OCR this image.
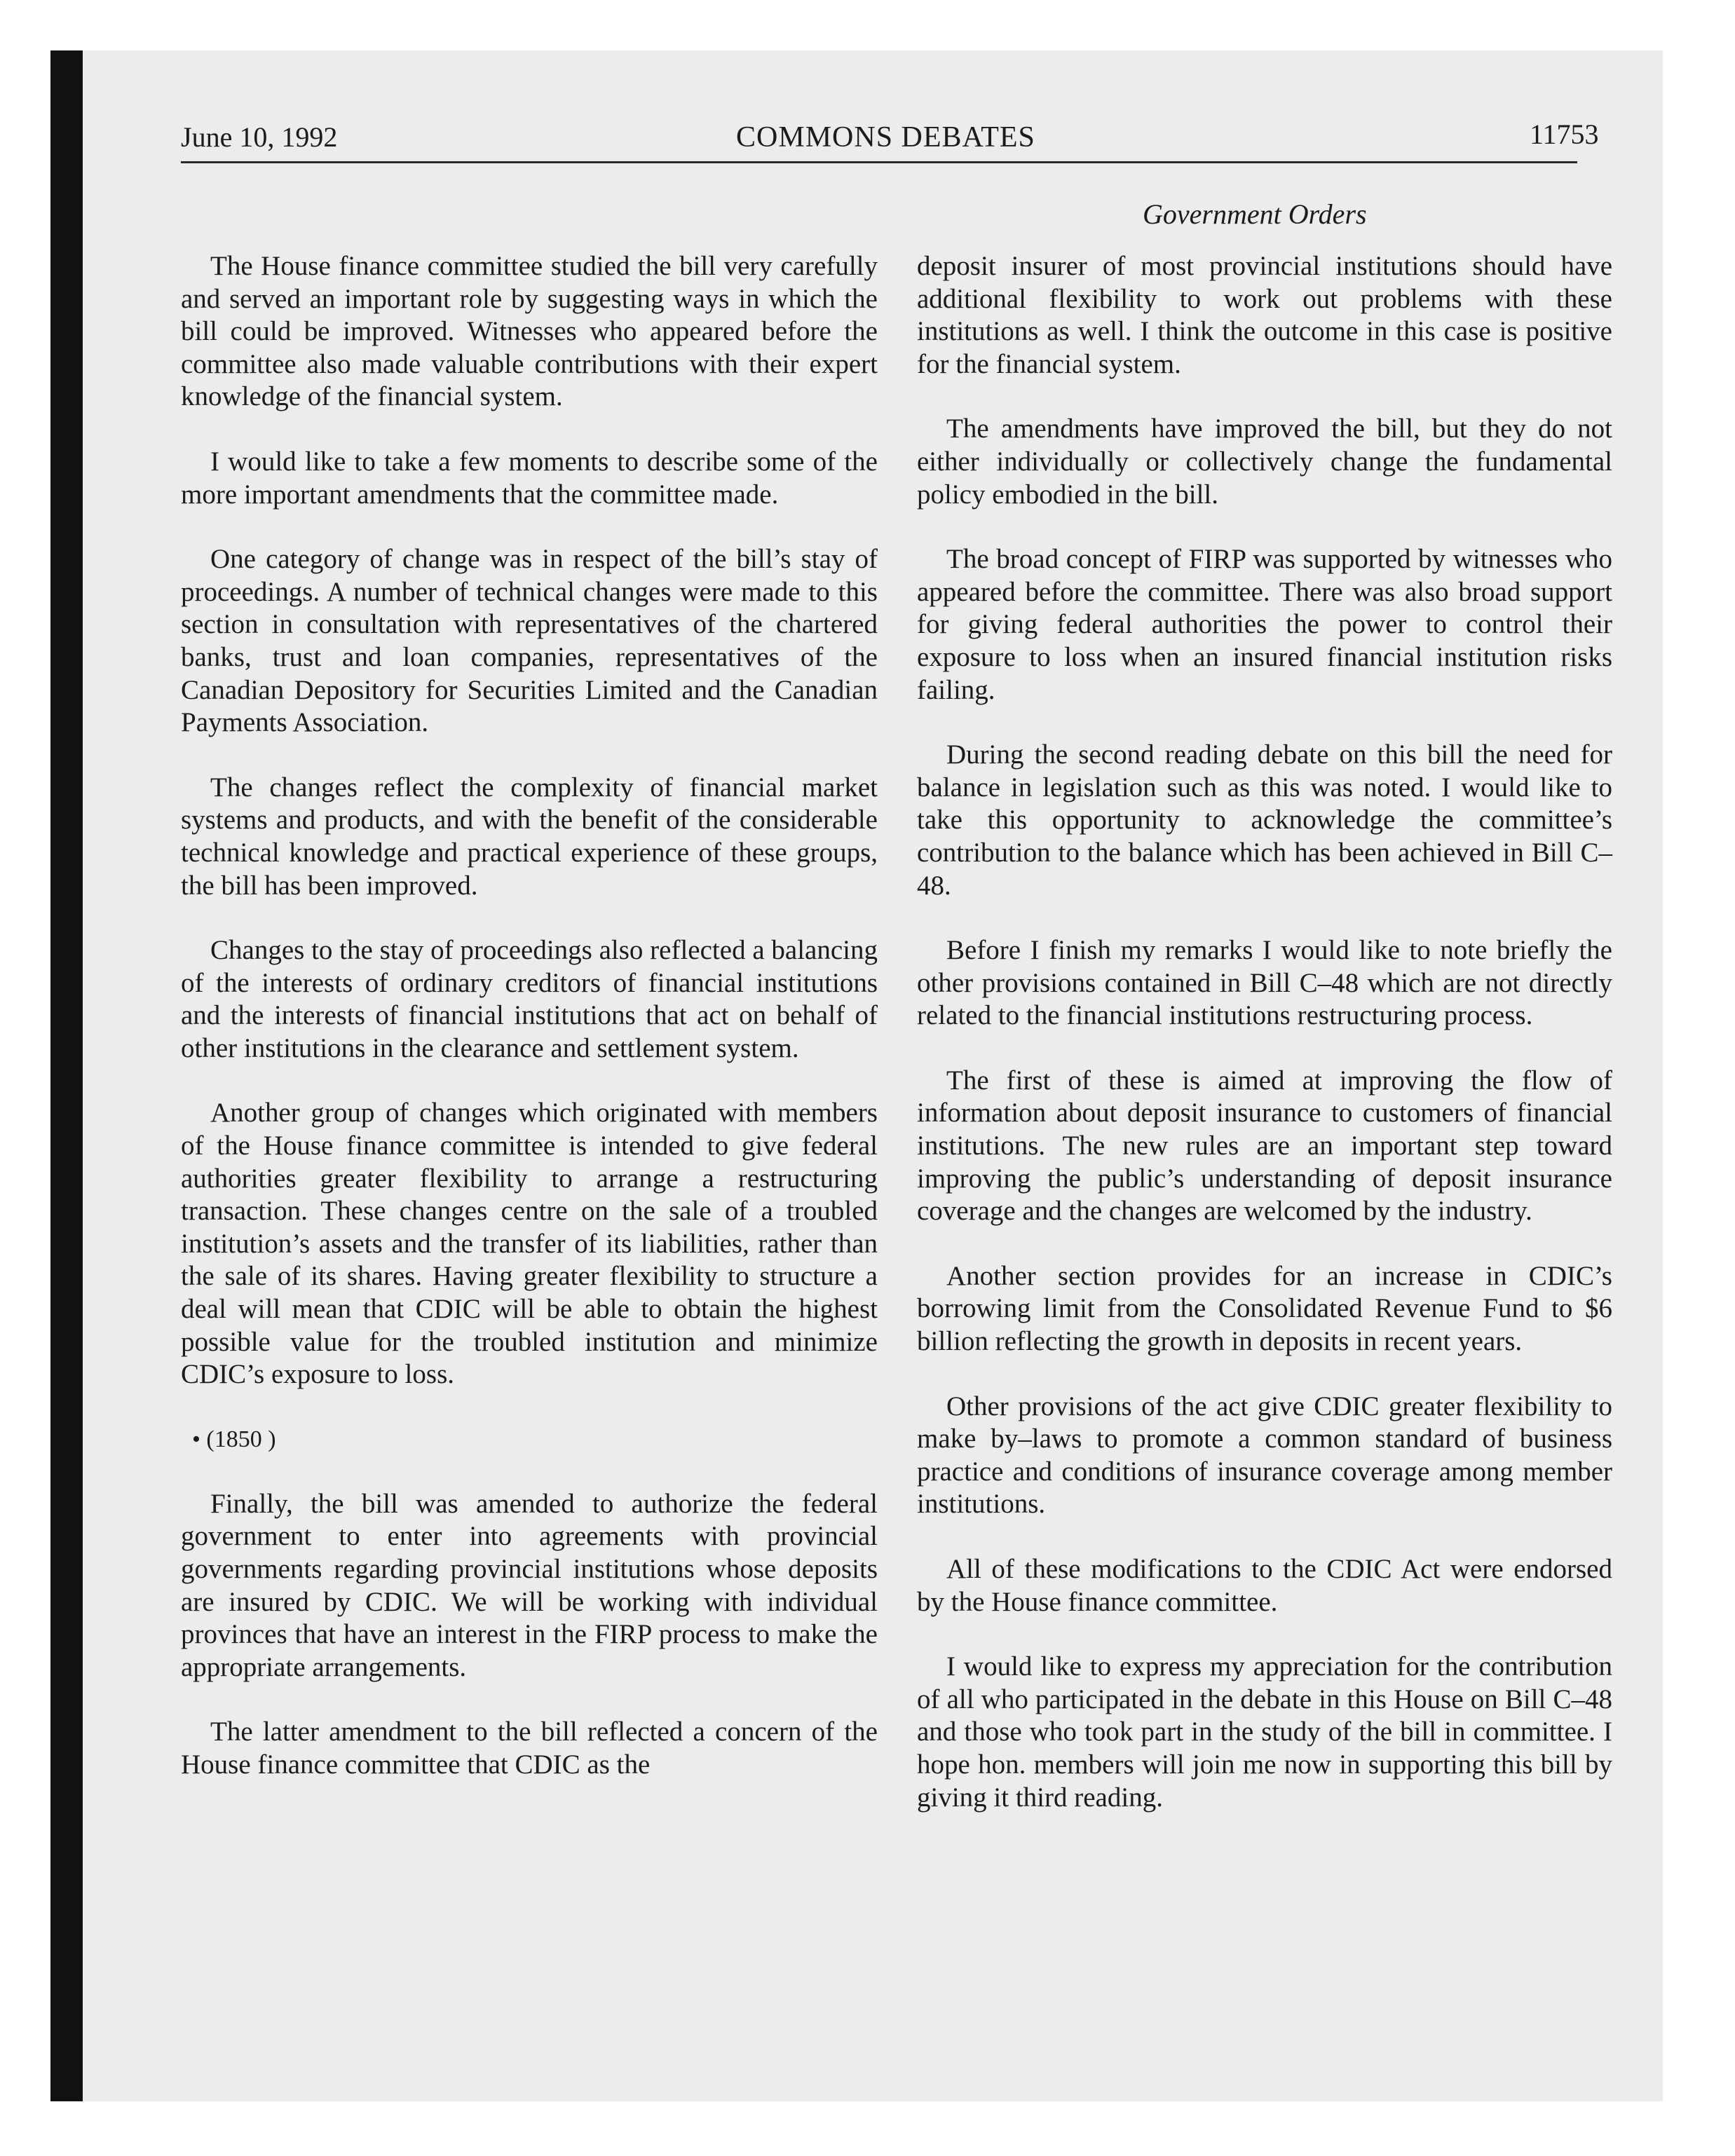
June 10, 1992	COMMONS DEBATES	11753
Government Orders

The House finance committee studied the bill very carefully and served an important role by suggesting ways in which the bill could be improved. Witnesses who appeared before the committee also made valuable contributions with their expert knowledge of the financial system.

I would like to take a few moments to describe some of the more important amendments that the committee made.

One category of change was in respect of the bill’s stay of proceedings. A number of technical changes were made to this section in consultation with representatives of the chartered banks, trust and loan companies, representatives of the Canadian Depository for Securities Limited and the Canadian Payments Association.

The changes reflect the complexity of financial market systems and products, and with the benefit of the considerable technical knowledge and practical experience of these groups, the bill has been improved.

Changes to the stay of proceedings also reflected a balancing of the interests of ordinary creditors of financial institutions and the interests of financial institutions that act on behalf of other institutions in the clearance and settlement system.

Another group of changes which originated with members of the House finance committee is intended to give federal authorities greater flexibility to arrange a restructuring transaction. These changes centre on the sale of a troubled institution’s assets and the transfer of its liabilities, rather than the sale of its shares. Having greater flexibility to structure a deal will mean that CDIC will be able to obtain the highest possible value for the troubled institution and minimize CDIC’s exposure to loss.

• (1850 )

Finally, the bill was amended to authorize the federal government to enter into agreements with provincial governments regarding provincial institutions whose deposits are insured by CDIC. We will be working with individual provinces that have an interest in the FIRP process to make the appropriate arrangements.

The latter amendment to the bill reflected a concern of the House finance committee that CDIC as the

deposit insurer of most provincial institutions should have additional flexibility to work out problems with these institutions as well. I think the outcome in this case is positive for the financial system.

The amendments have improved the bill, but they do not either individually or collectively change the fundamental policy embodied in the bill.

The broad concept of FIRP was supported by witnesses who appeared before the committee. There was also broad support for giving federal authorities the power to control their exposure to loss when an insured financial institution risks failing.

During the second reading debate on this bill the need for balance in legislation such as this was noted. I would like to take this opportunity to acknowledge the committee’s contribution to the balance which has been achieved in Bill C–48.

Before I finish my remarks I would like to note briefly the other provisions contained in Bill C–48 which are not directly related to the financial institutions restructuring process.

The first of these is aimed at improving the flow of information about deposit insurance to customers of financial institutions. The new rules are an important step toward improving the public’s understanding of deposit insurance coverage and the changes are welcomed by the industry.

Another section provides for an increase in CDIC’s borrowing limit from the Consolidated Revenue Fund to $6 billion reflecting the growth in deposits in recent years.

Other provisions of the act give CDIC greater flexibility to make by–laws to promote a common standard of business practice and conditions of insurance coverage among member institutions.

All of these modifications to the CDIC Act were endorsed by the House finance committee.

I would like to express my appreciation for the contribution of all who participated in the debate in this House on Bill C–48 and those who took part in the study of the bill in committee. I hope hon. members will join me now in supporting this bill by giving it third reading.
